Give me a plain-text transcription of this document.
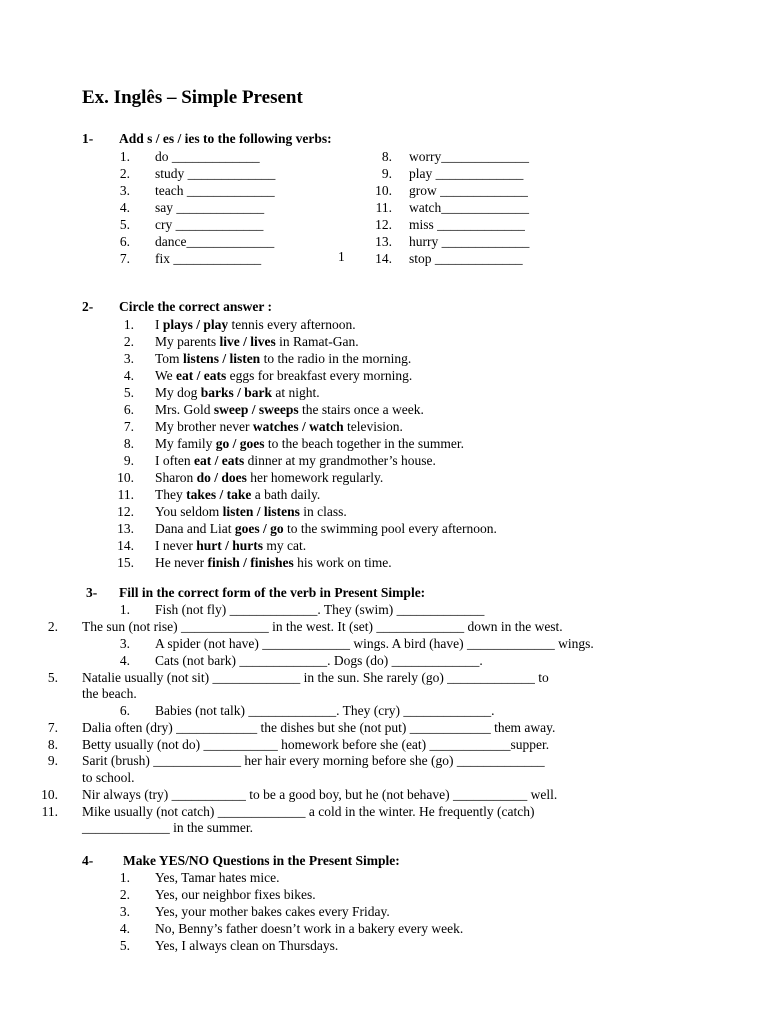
Ex. Inglês – Simple Present
1- Add s / es / ies to the following verbs:
1. do _____________
2. study _____________
3. teach _____________
4. say _____________
5. cry _____________
6. dance_____________
7. fix _____________	1
8. worry_____________
9. play _____________
10. grow _____________
11. watch_____________
12. miss _____________
13. hurry _____________
14. stop _____________
2- Circle the correct answer :
1. I plays / play tennis every afternoon.
2. My parents live / lives in Ramat-Gan.
3. Tom listens / listen to the radio in the morning.
4. We eat / eats eggs for breakfast every morning.
5. My dog barks / bark at night.
6. Mrs. Gold sweep / sweeps the stairs once a week.
7. My brother never watches / watch television.
8. My family go / goes to the beach together in the summer.
9. I often eat / eats dinner at my grandmother’s house.
10. Sharon do / does her homework regularly.
11. They takes / take a bath daily.
12. You seldom listen / listens in class.
13. Dana and Liat goes / go to the swimming pool every afternoon.
14. I never hurt / hurts my cat.
15. He never finish / finishes his work on time.
3- Fill in the correct form of the verb in Present Simple:
1. Fish (not fly) _____________. They (swim) _____________
2. The sun (not rise) _____________ in the west. It (set) _____________ down in the west.
3. A spider (not have) _____________ wings. A bird (have) _____________ wings.
4. Cats (not bark) _____________. Dogs (do) _____________.
5. Natalie usually (not sit) _____________ in the sun. She rarely (go) _____________ to
the beach.
6. Babies (not talk) _____________. They (cry) _____________.
7. Dalia often (dry) ____________ the dishes but she (not put) ____________ them away.
8. Betty usually (not do) ___________ homework before she (eat) ____________supper.
9. Sarit (brush) _____________ her hair every morning before she (go) _____________
to school.
10. Nir always (try) ___________ to be a good boy, but he (not behave) ___________ well.
11. Mike usually (not catch) _____________ a cold in the winter. He frequently (catch)
_____________ in the summer.
4- Make YES/NO Questions in the Present Simple:
1. Yes, Tamar hates mice.
2. Yes, our neighbor fixes bikes.
3. Yes, your mother bakes cakes every Friday.
4. No, Benny’s father doesn’t work in a bakery every week.
5. Yes, I always clean on Thursdays.
